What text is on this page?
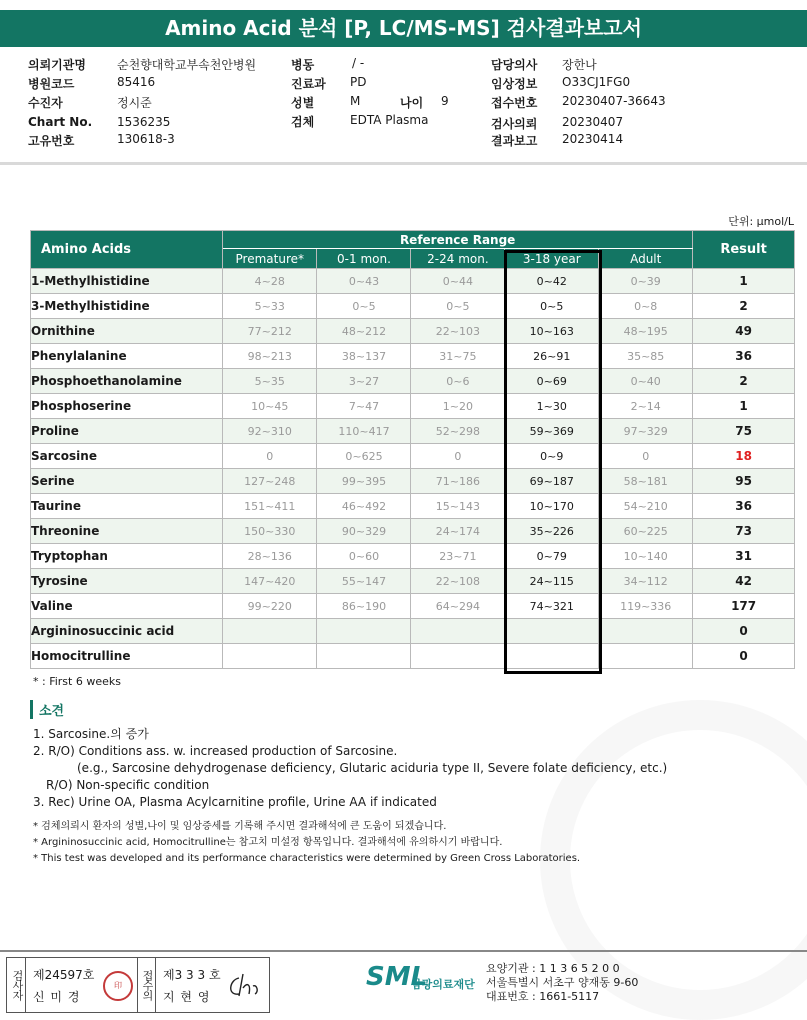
Amino Acid 분석 [P, LC/MS-MS] 검사결과보고서
의뢰기관명	순천향대학교부속천안병원
병원코드	85416
수진자	정시준
Chart No. 1536235
고유번호	130618-3
병동	/ -
진료과 PD
성별	M	나이 9
검체	EDTA Plasma
담당의사 장한나
임상정보 O33CJ1FG0
접수번호 20230407-36643
검사의뢰 20230407
결과보고 20230414
단위: μmol/L
Amino Acids	Reference Range					Result
	Premature*	0-1 mon.	2-24 mon.	3-18 year	Adult	
1-Methylhistidine	4~28	0~43	0~44	0~42	0~39	1
3-Methylhistidine	5~33	0~5	0~5	0~5	0~8	2
Ornithine	77~212	48~212	22~103	10~163	48~195	49
Phenylalanine	98~213	38~137	31~75	26~91	35~85	36
Phosphoethanolamine	5~35	3~27	0~6	0~69	0~40	2
Phosphoserine	10~45	7~47	1~20	1~30	2~14	1
Proline	92~310	110~417	52~298	59~369	97~329	75
Sarcosine	0	0~625	0	0~9	0	18
Serine	127~248	99~395	71~186	69~187	58~181	95
Taurine	151~411	46~492	15~143	10~170	54~210	36
Threonine	150~330	90~329	24~174	35~226	60~225	73
Tryptophan	28~136	0~60	23~71	0~79	10~140	31
Tyrosine	147~420	55~147	22~108	24~115	34~112	42
Valine	99~220	86~190	64~294	74~321	119~336	177
Argininosuccinic acid						0
Homocitrulline						0
* : First 6 weeks
소견
1. Sarcosine.의 증가
2. R/O) Conditions ass. w. increased production of Sarcosine.
(e.g., Sarcosine dehydrogenase deficiency, Glutaric aciduria type II, Severe folate deficiency, etc.)
R/O) Non-specific condition
3. Rec) Urine OA, Plasma Acylcarnitine profile, Urine AA if indicated
* 검체의뢰시 환자의 성별,나이 및 임상증세를 기록해 주시면 결과해석에 큰 도움이 되겠습니다.
* Argininosuccinic acid, Homocitrulline는 참고치 미설정 항목입니다. 결과해석에 유의하시기 바랍니다.
* This test was developed and its performance characteristics were determined by Green Cross Laboratories.
검사자 제24597호
신 미 경
印	접수의 제3 3 3 호
지 현 영
SML
삼광의료재단
요양기관 : 1 1 3 6 5 2 0 0
서울특별시 서초구 양재동 9-60
대표번호 : 1661-5117
